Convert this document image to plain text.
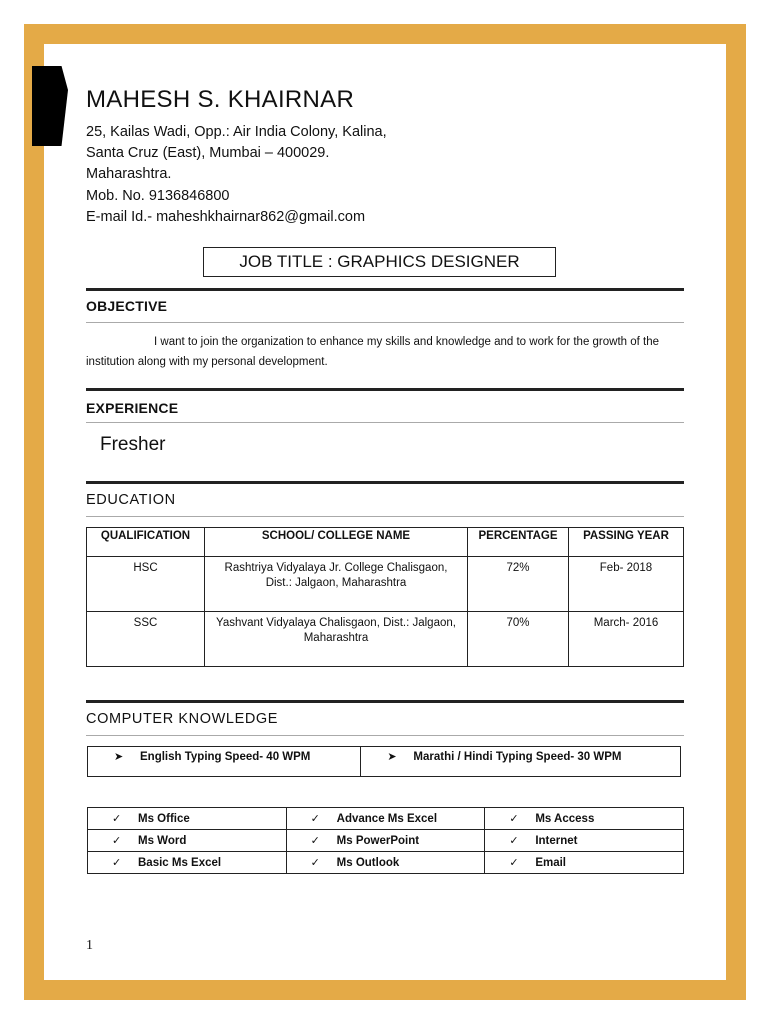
MAHESH S. KHAIRNAR
25, Kailas Wadi, Opp.: Air India Colony, Kalina,
Santa Cruz (East), Mumbai – 400029.
Maharashtra.
Mob. No. 9136846800
E-mail Id.- maheshkhairnar862@gmail.com
JOB TITLE : GRAPHICS DESIGNER
OBJECTIVE
I want to join the organization to enhance my skills and knowledge and to work for the growth of the institution along with my personal development.
EXPERIENCE
Fresher
EDUCATION
QUALIFICATION	SCHOOL/ COLLEGE NAME	PERCENTAGE	PASSING YEAR
HSC	Rashtriya Vidyalaya Jr. College Chalisgaon, Dist.: Jalgaon, Maharashtra	72%	Feb- 2018
SSC	Yashvant Vidyalaya Chalisgaon, Dist.: Jalgaon, Maharashtra	70%	March- 2016
COMPUTER KNOWLEDGE
➤ English Typing Speed- 40 WPM	➤ Marathi / Hindi Typing Speed- 30 WPM
✓ Ms Office	✓ Advance Ms Excel	✓ Ms Access
✓ Ms Word	✓ Ms PowerPoint	✓ Internet
✓ Basic Ms Excel	✓ Ms Outlook	✓ Email
1
